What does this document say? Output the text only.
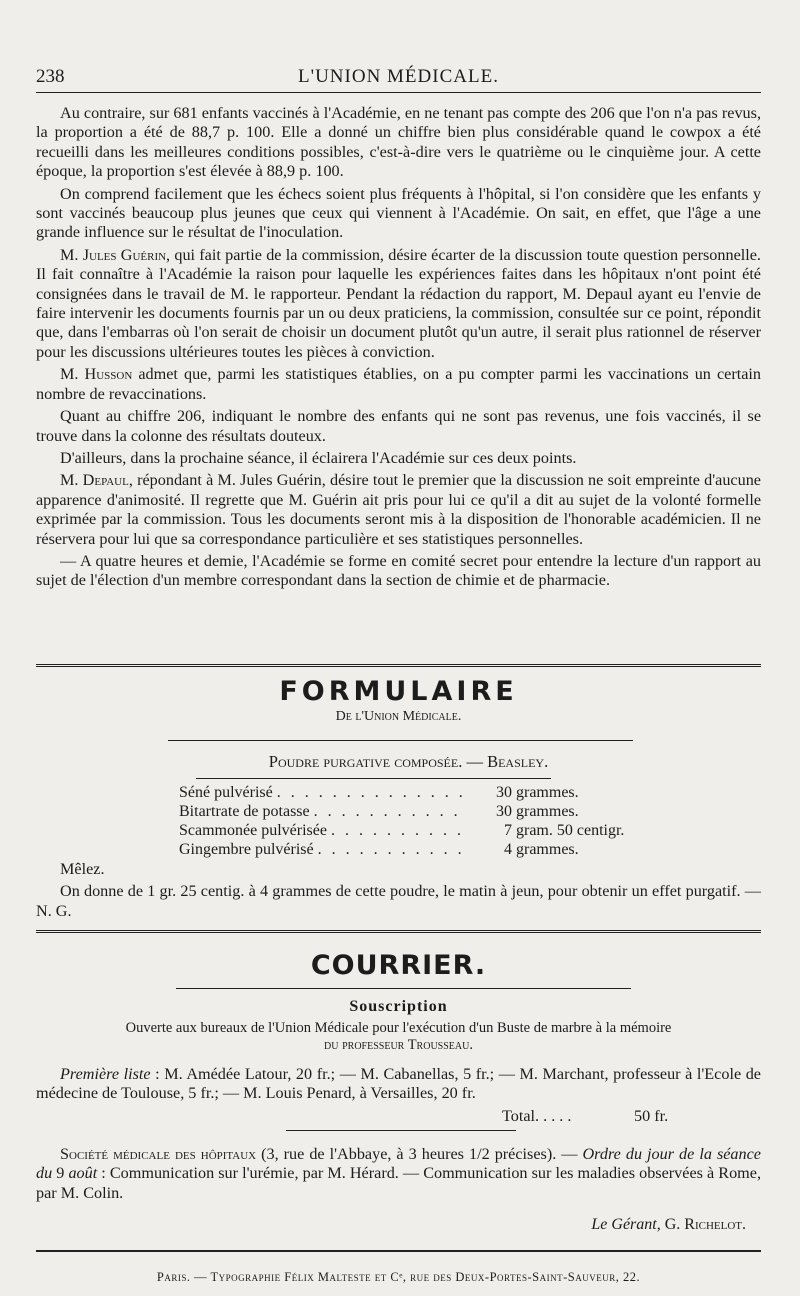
238	L'UNION MÉDICALE.

Au contraire, sur 681 enfants vaccinés à l'Académie, en ne tenant pas compte des 206 que l'on n'a pas revus, la proportion a été de 88,7 p. 100. Elle a donné un chiffre bien plus considérable quand le cowpox a été recueilli dans les meilleures conditions possibles, c'est-à-dire vers le quatrième ou le cinquième jour. A cette époque, la proportion s'est élevée à 88,9 p. 100.

On comprend facilement que les échecs soient plus fréquents à l'hôpital, si l'on considère que les enfants y sont vaccinés beaucoup plus jeunes que ceux qui viennent à l'Académie. On sait, en effet, que l'âge a une grande influence sur le résultat de l'inoculation.

M. Jules Guérin, qui fait partie de la commission, désire écarter de la discussion toute question personnelle. Il fait connaître à l'Académie la raison pour laquelle les expériences faites dans les hôpitaux n'ont point été consignées dans le travail de M. le rapporteur. Pendant la rédaction du rapport, M. Depaul ayant eu l'envie de faire intervenir les documents fournis par un ou deux praticiens, la commission, consultée sur ce point, répondit que, dans l'embarras où l'on serait de choisir un document plutôt qu'un autre, il serait plus rationnel de réserver pour les discussions ultérieures toutes les pièces à conviction.

M. Husson admet que, parmi les statistiques établies, on a pu compter parmi les vaccinations un certain nombre de revaccinations.

Quant au chiffre 206, indiquant le nombre des enfants qui ne sont pas revenus, une fois vaccinés, il se trouve dans la colonne des résultats douteux.

D'ailleurs, dans la prochaine séance, il éclairera l'Académie sur ces deux points.

M. Depaul, répondant à M. Jules Guérin, désire tout le premier que la discussion ne soit empreinte d'aucune apparence d'animosité. Il regrette que M. Guérin ait pris pour lui ce qu'il a dit au sujet de la volonté formelle exprimée par la commission. Tous les documents seront mis à la disposition de l'honorable académicien. Il ne réservera pour lui que sa correspondance particulière et ses statistiques personnelles.

— A quatre heures et demie, l'Académie se forme en comité secret pour entendre la lecture d'un rapport au sujet de l'élection d'un membre correspondant dans la section de chimie et de pharmacie.

FORMULAIRE
De l'Union Médicale.
Poudre purgative composée. — Beasley.
Séné pulvérisé . . . . . . . . . . . . . . 30 grammes.
Bitartrate de potasse . . . . . . . . . . . 30 grammes.
Scammonée pulvérisée . . . . . . . . . .	7 gram. 50 centigr.
Gingembre pulvérisé . . . . . . . . . . . 4 grammes.

Mêlez.

On donne de 1 gr. 25 centig. à 4 grammes de cette poudre, le matin à jeun, pour obtenir un effet purgatif. — N. G.

COURRIER.
Souscription
Ouverte aux bureaux de l'Union Médicale pour l'exécution d'un Buste de marbre à la mémoire
du professeur Trousseau.

Première liste : M. Amédée Latour, 20 fr.; — M. Cabanellas, 5 fr.; — M. Marchant, professeur à l'Ecole de médecine de Toulouse, 5 fr.; — M. Louis Penard, à Versailles, 20 fr.

Total. . . . .	50 fr.

Société médicale des hôpitaux (3, rue de l'Abbaye, à 3 heures 1/2 précises). — Ordre du jour de la séance du 9 août : Communication sur l'urémie, par M. Hérard. — Communication sur les maladies observées à Rome, par M. Colin.

Le Gérant, G. Richelot.
Paris. — Typographie Félix Malteste et Cᵉ, rue des Deux-Portes-Saint-Sauveur, 22.
